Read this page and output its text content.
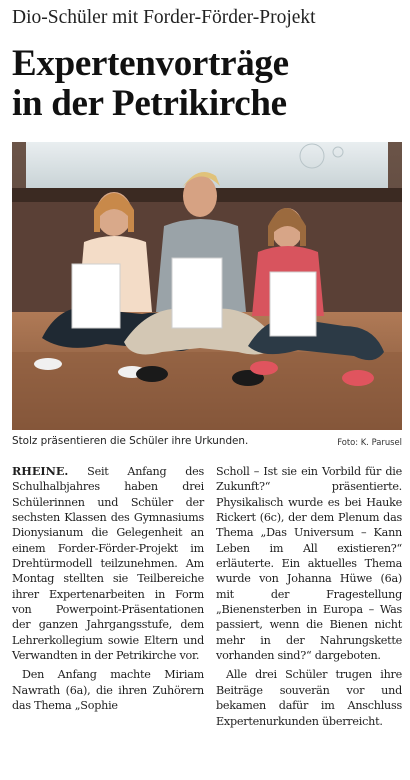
Dio-Schüler mit Forder-Förder-Projekt
Expertenvorträge
in der Petrikirche
Stolz präsentieren die Schüler ihre Urkunden.	Foto: K. Parusel

RHEINE. Seit Anfang des Schulhalbjahres haben drei Schülerinnen und Schüler der sechsten Klassen des Gymnasiums Dionysianum die Gelegenheit an einem Forder-Förder-Projekt im Drehtürmodell teilzunehmen. Am Montag stellten sie Teilbereiche ihrer Expertenarbeiten in Form von Powerpoint-Präsentationen der ganzen Jahrgangsstufe, dem Lehrerkollegium sowie Eltern und Verwandten in der Petrikirche vor.

Den Anfang machte Miriam Nawrath (6a), die ihren Zuhörern das Thema „Sophie

Scholl – Ist sie ein Vorbild für die Zukunft?“ präsentierte. Physikalisch wurde es bei Hauke Rickert (6c), der dem Plenum das Thema „Das Universum – Kann Leben im All existieren?“ erläuterte. Ein aktuelles Thema wurde von Johanna Hüwe (6a) mit der Fragestellung „Bienensterben in Europa – Was passiert, wenn die Bienen nicht mehr in der Nahrungskette vorhanden sind?“ dargeboten.

Alle drei Schüler trugen ihre Beiträge souverän vor und bekamen dafür im Anschluss Expertenurkunden überreicht.
